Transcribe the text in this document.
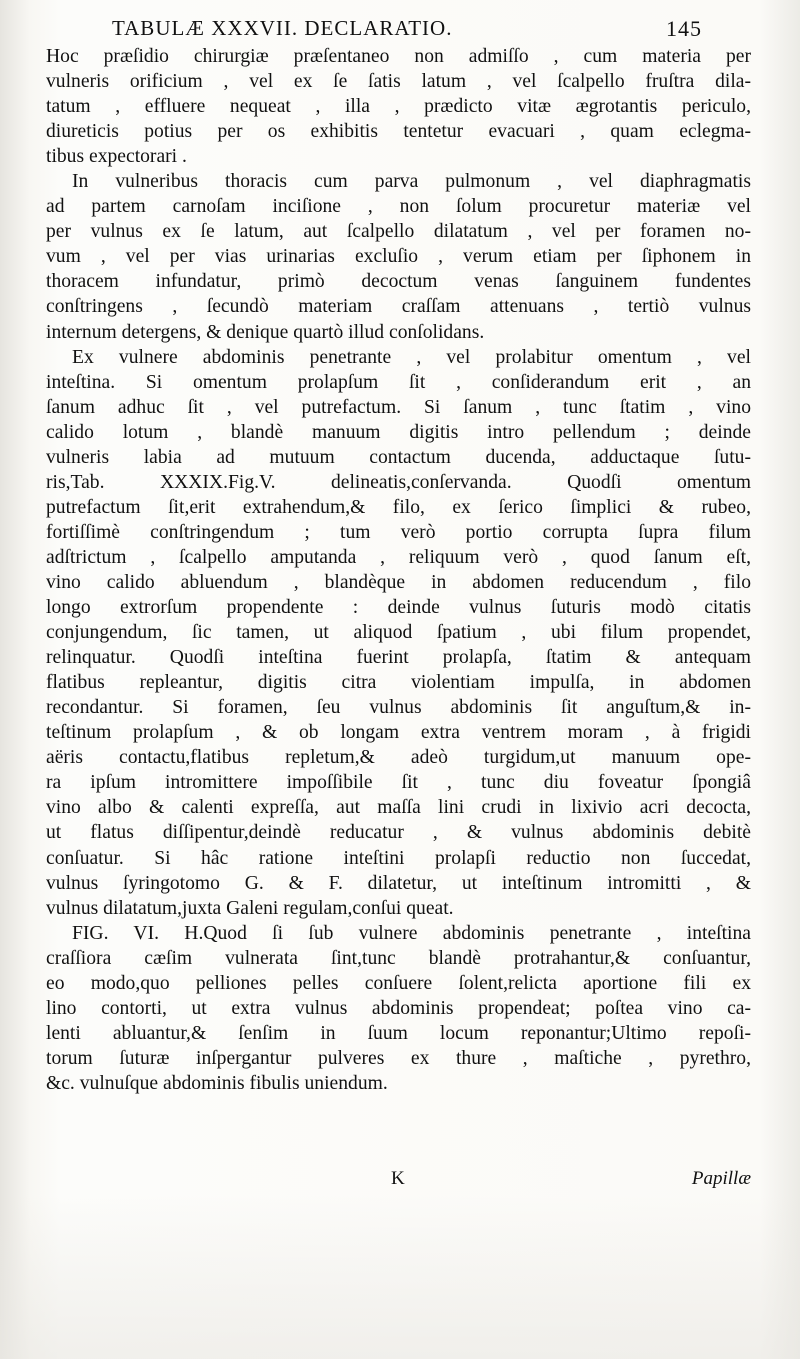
TABULÆ XXXVII. DECLARATIO.	145
Hoc præſidio chirurgiæ præſentaneo non admiſſo , cum materia per
vulneris orificium , vel ex ſe ſatis latum , vel ſcalpello fruſtra dila-
tatum , effluere nequeat , illa , prædicto vitæ ægrotantis periculo,
diureticis potius per os exhibitis tentetur evacuari , quam eclegma-
tibus expectorari .
In vulneribus thoracis cum parva pulmonum , vel diaphragmatis
ad partem carnoſam inciſione , non ſolum procuretur materiæ vel
per vulnus ex ſe latum, aut ſcalpello dilatatum , vel per foramen no-
vum , vel per vias urinarias excluſio , verum etiam per ſiphonem in
thoracem infundatur, primò decoctum venas ſanguinem fundentes
conſtringens , ſecundò materiam craſſam attenuans , tertiò vulnus
internum detergens, & denique quartò illud conſolidans.
Ex vulnere abdominis penetrante , vel prolabitur omentum , vel
inteſtina. Si omentum prolapſum ſit , conſiderandum erit , an
ſanum adhuc ſit , vel putrefactum. Si ſanum , tunc ſtatim , vino
calido lotum , blandè manuum digitis intro pellendum ; deinde
vulneris labia ad mutuum contactum ducenda, adductaque ſutu-
ris,Tab. XXXIX.Fig.V. delineatis,conſervanda. Quodſi omentum
putrefactum ſit,erit extrahendum,& filo, ex ſerico ſimplici & rubeo,
fortiſſimè conſtringendum ; tum verò portio corrupta ſupra filum
adſtrictum , ſcalpello amputanda , reliquum verò , quod ſanum eſt,
vino calido abluendum , blandèque in abdomen reducendum , filo
longo extrorſum propendente : deinde vulnus ſuturis modò citatis
conjungendum, ſic tamen, ut aliquod ſpatium , ubi filum propendet,
relinquatur. Quodſi inteſtina fuerint prolapſa, ſtatim & antequam
flatibus repleantur, digitis citra violentiam impulſa, in abdomen
recondantur. Si foramen, ſeu vulnus abdominis ſit anguſtum,& in-
teſtinum prolapſum , & ob longam extra ventrem moram , à frigidi
aëris contactu,flatibus repletum,& adeò turgidum,ut manuum ope-
ra ipſum intromittere impoſſibile ſit , tunc diu foveatur ſpongiâ
vino albo & calenti expreſſa, aut maſſa lini crudi in lixivio acri decocta,
ut flatus diſſipentur,deindè reducatur , & vulnus abdominis debitè
conſuatur. Si hâc ratione inteſtini prolapſi reductio non ſuccedat,
vulnus ſyringotomo G. & F. dilatetur, ut inteſtinum intromitti , &
vulnus dilatatum,juxta Galeni regulam,conſui queat.
FIG. VI. H.Quod ſi ſub vulnere abdominis penetrante , inteſtina
craſſiora cæſim vulnerata ſint,tunc blandè protrahantur,& conſuantur,
eo modo,quo pelliones pelles conſuere ſolent,relicta aportione fili ex
lino contorti, ut extra vulnus abdominis propendeat; poſtea vino ca-
lenti abluantur,& ſenſim in ſuum locum reponantur;Ultimo repoſi-
torum ſuturæ inſpergantur pulveres ex thure , maſtiche , pyrethro,
&c. vulnuſque abdominis fibulis uniendum.
K	Papillæ
